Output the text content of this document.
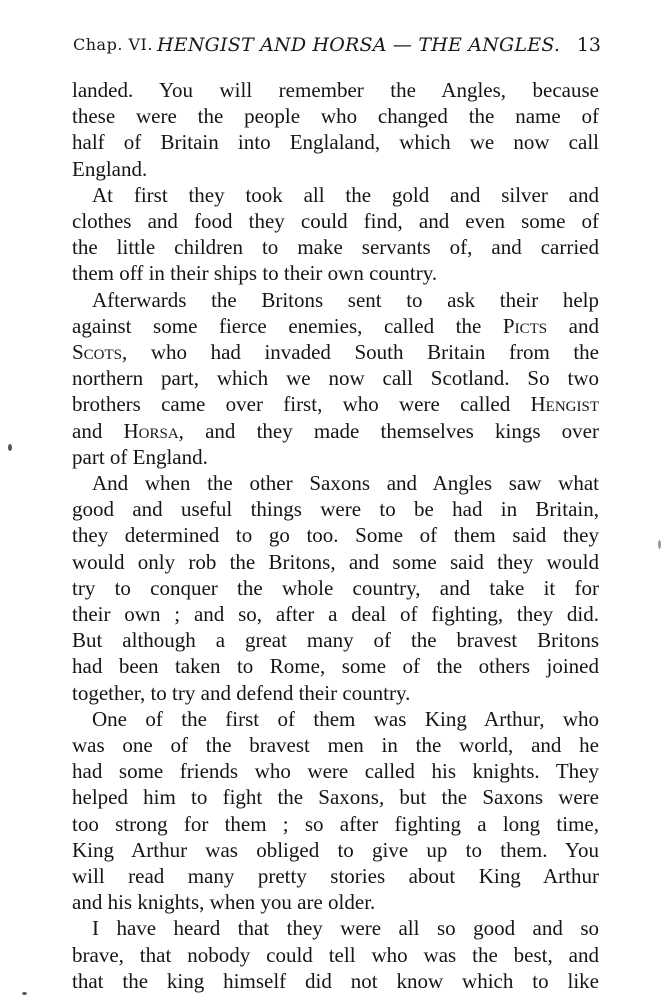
Chap. VI. HENGIST AND HORSA — THE ANGLES. 13
landed. You will remember the Angles, because
these were the people who changed the name of
half of Britain into Englaland, which we now call
England.
At first they took all the gold and silver and
clothes and food they could find, and even some of
the little children to make servants of, and carried
them off in their ships to their own country.
Afterwards the Britons sent to ask their help
against some fierce enemies, called the Picts and
Scots, who had invaded South Britain from the
northern part, which we now call Scotland. So two
brothers came over first, who were called Hengist
and Horsa, and they made themselves kings over
part of England.
And when the other Saxons and Angles saw what
good and useful things were to be had in Britain,
they determined to go too. Some of them said they
would only rob the Britons, and some said they would
try to conquer the whole country, and take it for
their own ; and so, after a deal of fighting, they did.
But although a great many of the bravest Britons
had been taken to Rome, some of the others joined
together, to try and defend their country.
One of the first of them was King Arthur, who
was one of the bravest men in the world, and he
had some friends who were called his knights. They
helped him to fight the Saxons, but the Saxons were
too strong for them ; so after fighting a long time,
King Arthur was obliged to give up to them. You
will read many pretty stories about King Arthur
and his knights, when you are older.
I have heard that they were all so good and so
brave, that nobody could tell who was the best, and
that the king himself did not know which to like
